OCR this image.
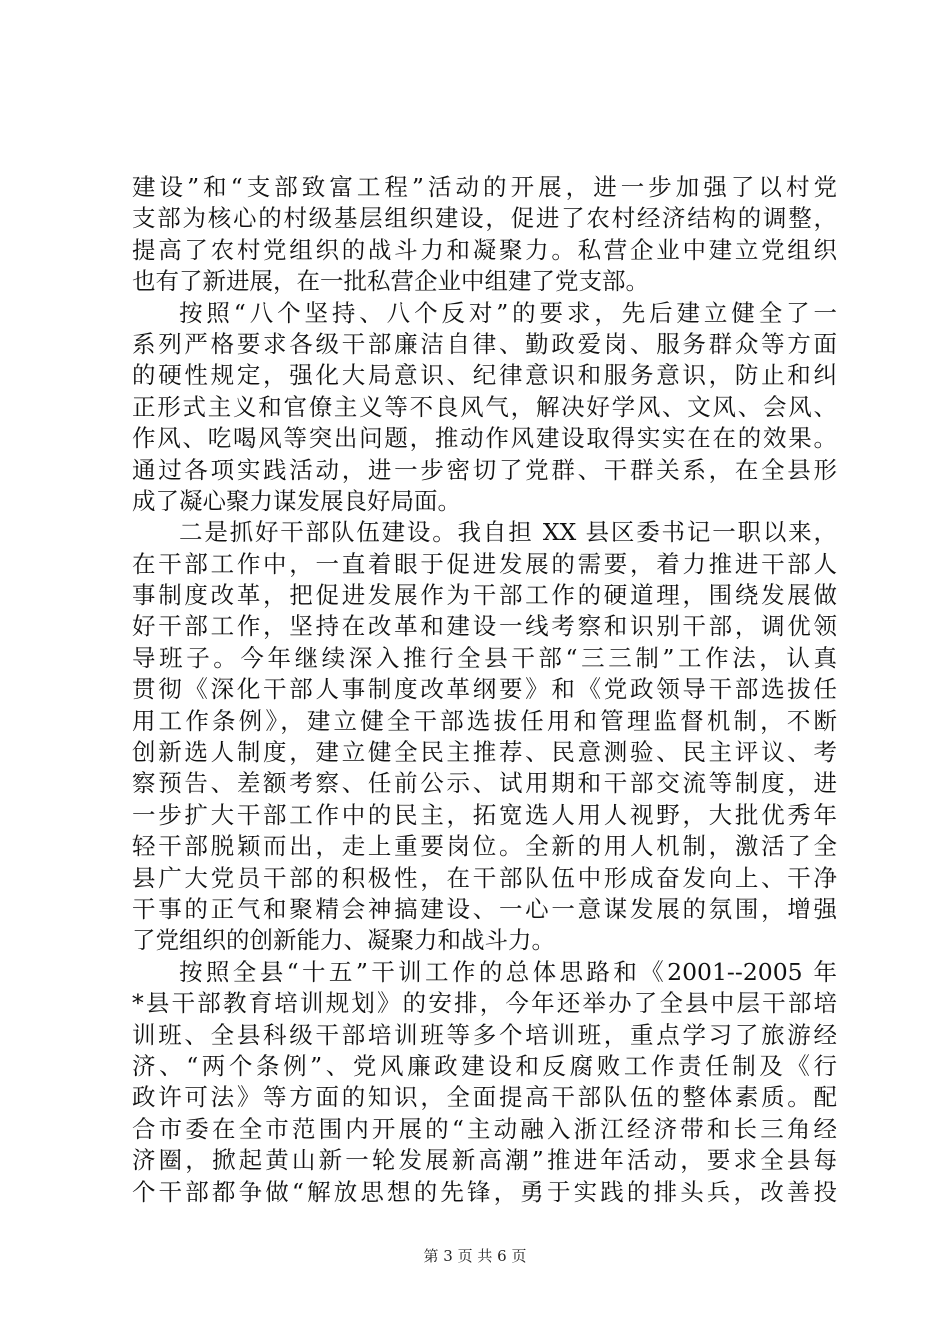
建设”和“支部致富工程”活动的开展，进一步加强了以村党
支部为核心的村级基层组织建设，促进了农村经济结构的调整，
提高了农村党组织的战斗力和凝聚力。私营企业中建立党组织
也有了新进展，在一批私营企业中组建了党支部。
按照“八个坚持、八个反对”的要求，先后建立健全了一
系列严格要求各级干部廉洁自律、勤政爱岗、服务群众等方面
的硬性规定，强化大局意识、纪律意识和服务意识，防止和纠
正形式主义和官僚主义等不良风气，解决好学风、文风、会风、
作风、吃喝风等突出问题，推动作风建设取得实实在在的效果。
通过各项实践活动，进一步密切了党群、干群关系，在全县形
成了凝心聚力谋发展良好局面。
二是抓好干部队伍建设。我自担 XX 县区委书记一职以来，
在干部工作中，一直着眼于促进发展的需要，着力推进干部人
事制度改革，把促进发展作为干部工作的硬道理，围绕发展做
好干部工作，坚持在改革和建设一线考察和识别干部，调优领
导班子。今年继续深入推行全县干部“三三制”工作法，认真
贯彻《深化干部人事制度改革纲要》和《党政领导干部选拔任
用工作条例》，建立健全干部选拔任用和管理监督机制，不断
创新选人制度，建立健全民主推荐、民意测验、民主评议、考
察预告、差额考察、任前公示、试用期和干部交流等制度，进
一步扩大干部工作中的民主，拓宽选人用人视野，大批优秀年
轻干部脱颖而出，走上重要岗位。全新的用人机制，激活了全
县广大党员干部的积极性，在干部队伍中形成奋发向上、干净
干事的正气和聚精会神搞建设、一心一意谋发展的氛围，增强
了党组织的创新能力、凝聚力和战斗力。
按照全县“十五”干训工作的总体思路和《2001--2005 年
*县干部教育培训规划》的安排，今年还举办了全县中层干部培
训班、全县科级干部培训班等多个培训班，重点学习了旅游经
济、“两个条例”、党风廉政建设和反腐败工作责任制及《行
政许可法》等方面的知识，全面提高干部队伍的整体素质。配
合市委在全市范围内开展的“主动融入浙江经济带和长三角经
济圈，掀起黄山新一轮发展新高潮”推进年活动，要求全县每
个干部都争做“解放思想的先锋，勇于实践的排头兵，改善投
第 3 页 共 6 页
